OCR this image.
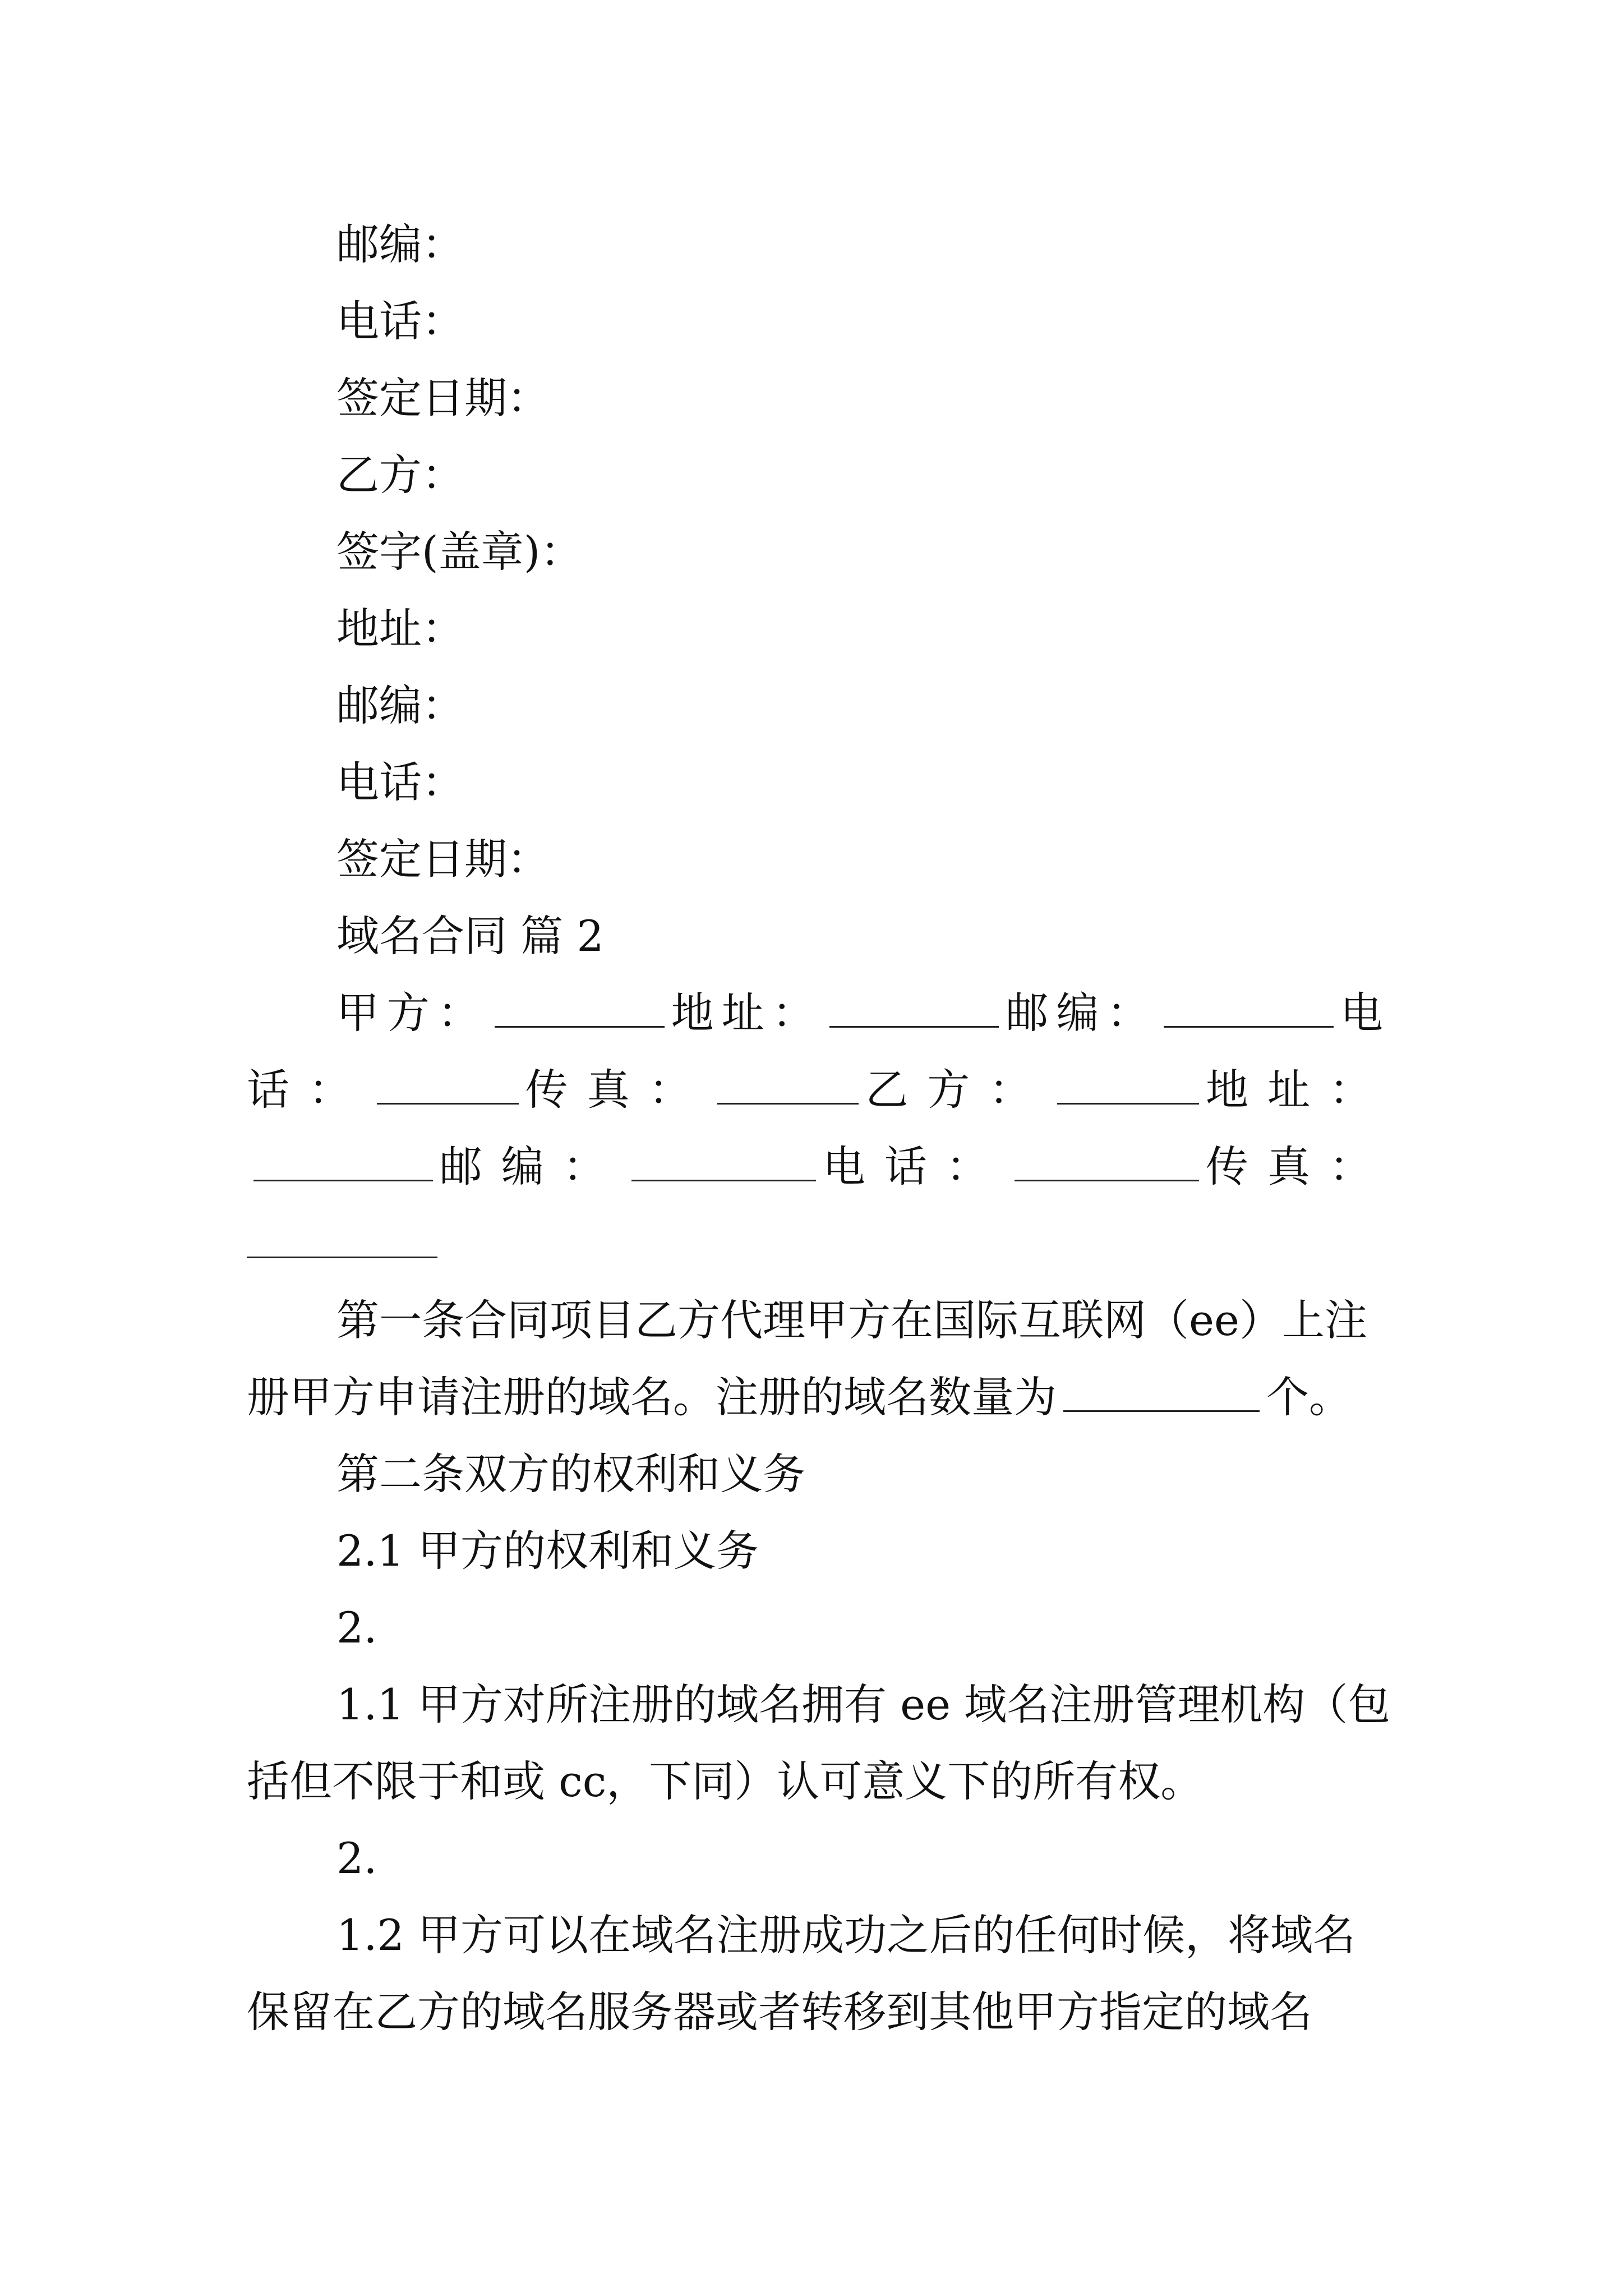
邮编：
电话：
签定日期：
乙方：
签字(盖章)：
地址：
邮编：
电话：
签定日期：
域名合同 篇 2
甲方：	地址：	邮编：	电
话：	传真：	乙方：	地址：
邮编：	电话：	传真：
第一条合同项目乙方代理甲方在国际互联网（ee）上注
册甲方申请注册的域名。注册的域名数量为	个。
第二条双方的权利和义务
2.1 甲方的权利和义务
2.
1.1 甲方对所注册的域名拥有 ee 域名注册管理机构（包
括但不限于和或 cc，下同）认可意义下的所有权。
2.
1.2 甲方可以在域名注册成功之后的任何时候，将域名
保留在乙方的域名服务器或者转移到其他甲方指定的域名
